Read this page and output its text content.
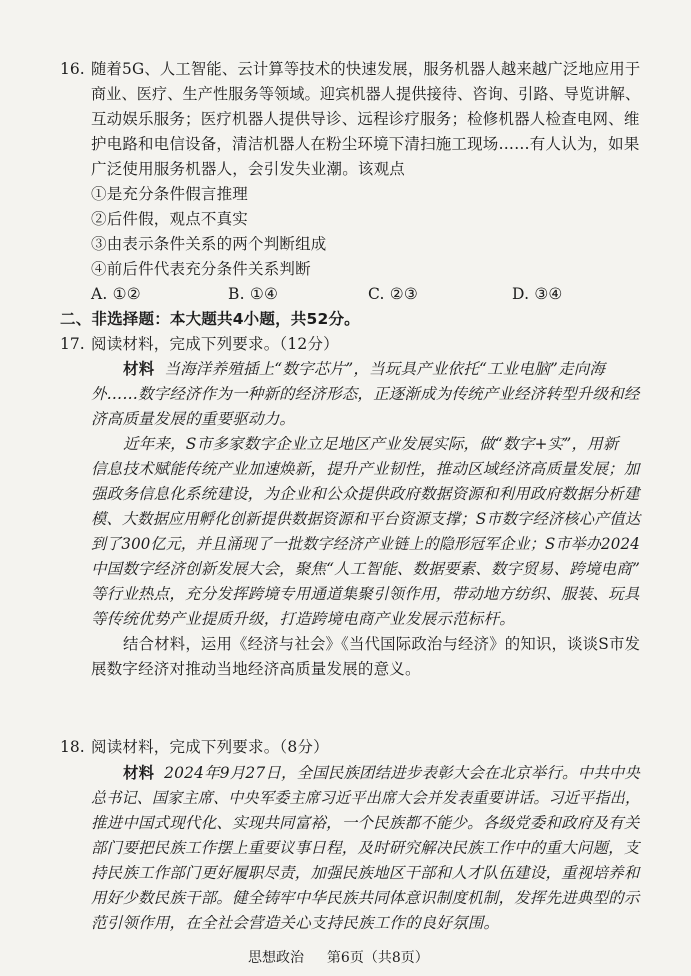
16. 随着5G、人工智能、云计算等技术的快速发展，服务机器人越来越广泛地应用于
商业、医疗、生产性服务等领域。迎宾机器人提供接待、咨询、引路、导览讲解、
互动娱乐服务；医疗机器人提供导诊、远程诊疗服务；检修机器人检查电网、维
护电路和电信设备，清洁机器人在粉尘环境下清扫施工现场……有人认为，如果
广泛使用服务机器人，会引发失业潮。该观点
①是充分条件假言推理
②后件假，观点不真实
③由表示条件关系的两个判断组成
④前后件代表充分条件关系判断
A. ①②	B. ①④	C. ②③	D. ③④
二、非选择题：本大题共4小题，共52分。
17. 阅读材料，完成下列要求。（12分）
材料 当海洋养殖插上“数字芯片”，当玩具产业依托“工业电脑”走向海
外……数字经济作为一种新的经济形态，正逐渐成为传统产业经济转型升级和经
济高质量发展的重要驱动力。
近年来，S市多家数字企业立足地区产业发展实际，做“数字+实”，用新
信息技术赋能传统产业加速焕新，提升产业韧性，推动区域经济高质量发展；加
强政务信息化系统建设，为企业和公众提供政府数据资源和利用政府数据分析建
模、大数据应用孵化创新提供数据资源和平台资源支撑；S市数字经济核心产值达
到了300亿元，并且涌现了一批数字经济产业链上的隐形冠军企业；S市举办2024
中国数字经济创新发展大会，聚焦“人工智能、数据要素、数字贸易、跨境电商”
等行业热点，充分发挥跨境专用通道集聚引领作用，带动地方纺织、服装、玩具
等传统优势产业提质升级，打造跨境电商产业发展示范标杆。
结合材料，运用《经济与社会》《当代国际政治与经济》的知识，谈谈S市发
展数字经济对推动当地经济高质量发展的意义。
18. 阅读材料，完成下列要求。（8分）
材料 2024年9月27日，全国民族团结进步表彰大会在北京举行。中共中央
总书记、国家主席、中央军委主席习近平出席大会并发表重要讲话。习近平指出，
推进中国式现代化、实现共同富裕，一个民族都不能少。各级党委和政府及有关
部门要把民族工作摆上重要议事日程，及时研究解决民族工作中的重大问题，支
持民族工作部门更好履职尽责，加强民族地区干部和人才队伍建设，重视培养和
用好少数民族干部。健全铸牢中华民族共同体意识制度机制，发挥先进典型的示
范引领作用，在全社会营造关心支持民族工作的良好氛围。
思想政治 第6页（共8页）
